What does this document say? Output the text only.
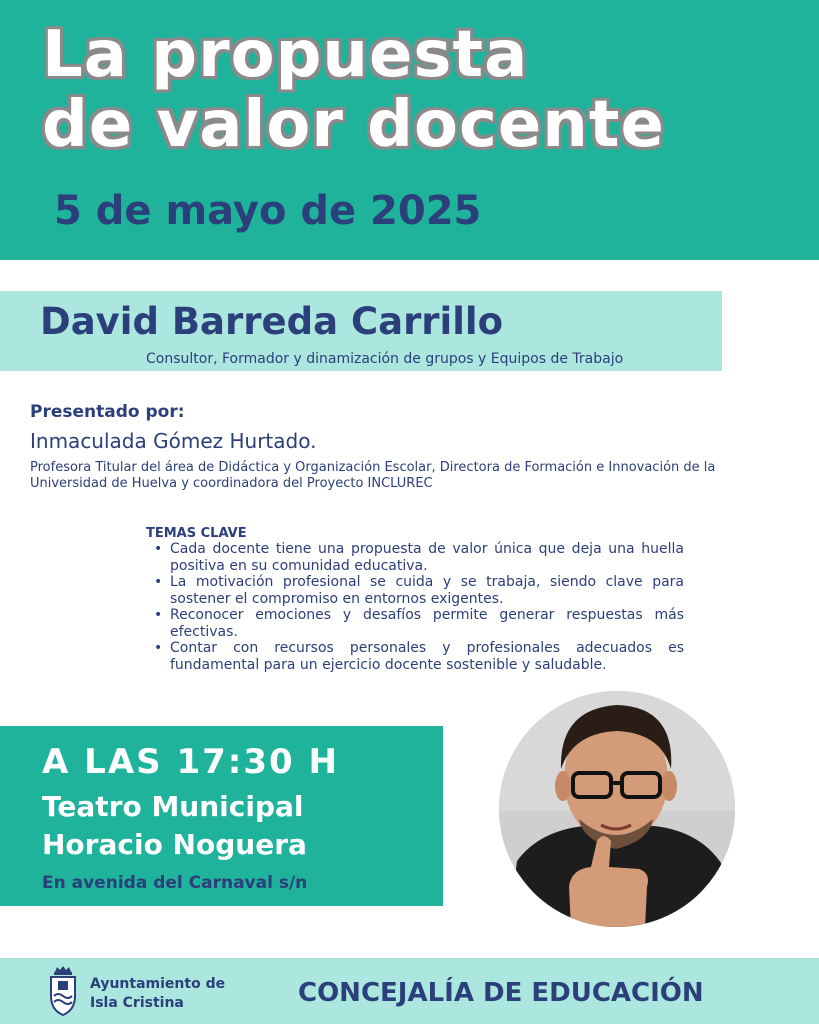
La propuesta
de valor docente
5 de mayo de 2025
David Barreda Carrillo
Consultor, Formador y dinamización de grupos y Equipos de Trabajo
Presentado por:
Inmaculada Gómez Hurtado.
Profesora Titular del área de Didáctica y Organización Escolar, Directora de Formación e Innovación de la Universidad de Huelva y coordinadora del Proyecto INCLUREC
TEMAS CLAVE
• Cada docente tiene una propuesta de valor única que deja una huella positiva en su comunidad educativa.
• La motivación profesional se cuida y se trabaja, siendo clave para sostener el compromiso en entornos exigentes.
• Reconocer emociones y desafíos permite generar respuestas más efectivas.
• Contar con recursos personales y profesionales adecuados es fundamental para un ejercicio docente sostenible y saludable.
A LAS 17:30 H
Teatro Municipal
Horacio Noguera
En avenida del Carnaval s/n
Ayuntamiento de
Isla Cristina	CONCEJALÍA DE EDUCACIÓN
